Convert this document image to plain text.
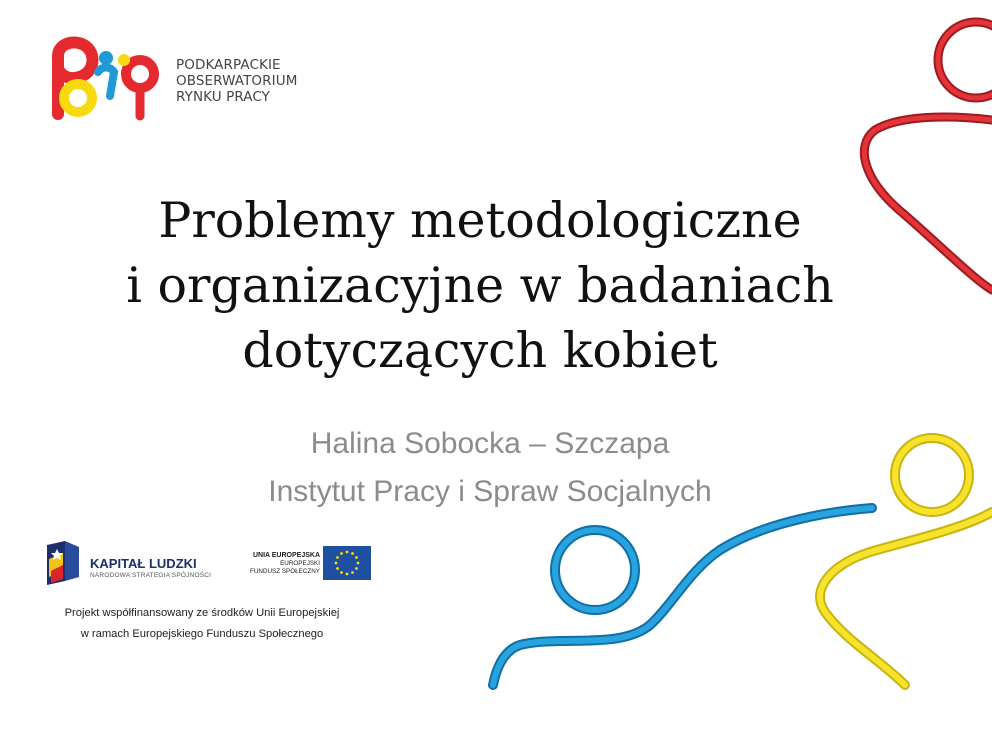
PODKARPACKIE
OBSERWATORIUM
RYNKU PRACY
Problemy metodologiczne
i organizacyjne w badaniach
dotyczących kobiet
Halina Sobocka – Szczapa
Instytut Pracy i Spraw Socjalnych
KAPITAŁ LUDZKI
NARODOWA STRATEGIA SPÓJNOŚCI
UNIA EUROPEJSKA
EUROPEJSKI
FUNDUSZ SPOŁECZNY
Projekt współfinansowany ze środków Unii Europejskiej
w ramach Europejskiego Funduszu Społecznego
